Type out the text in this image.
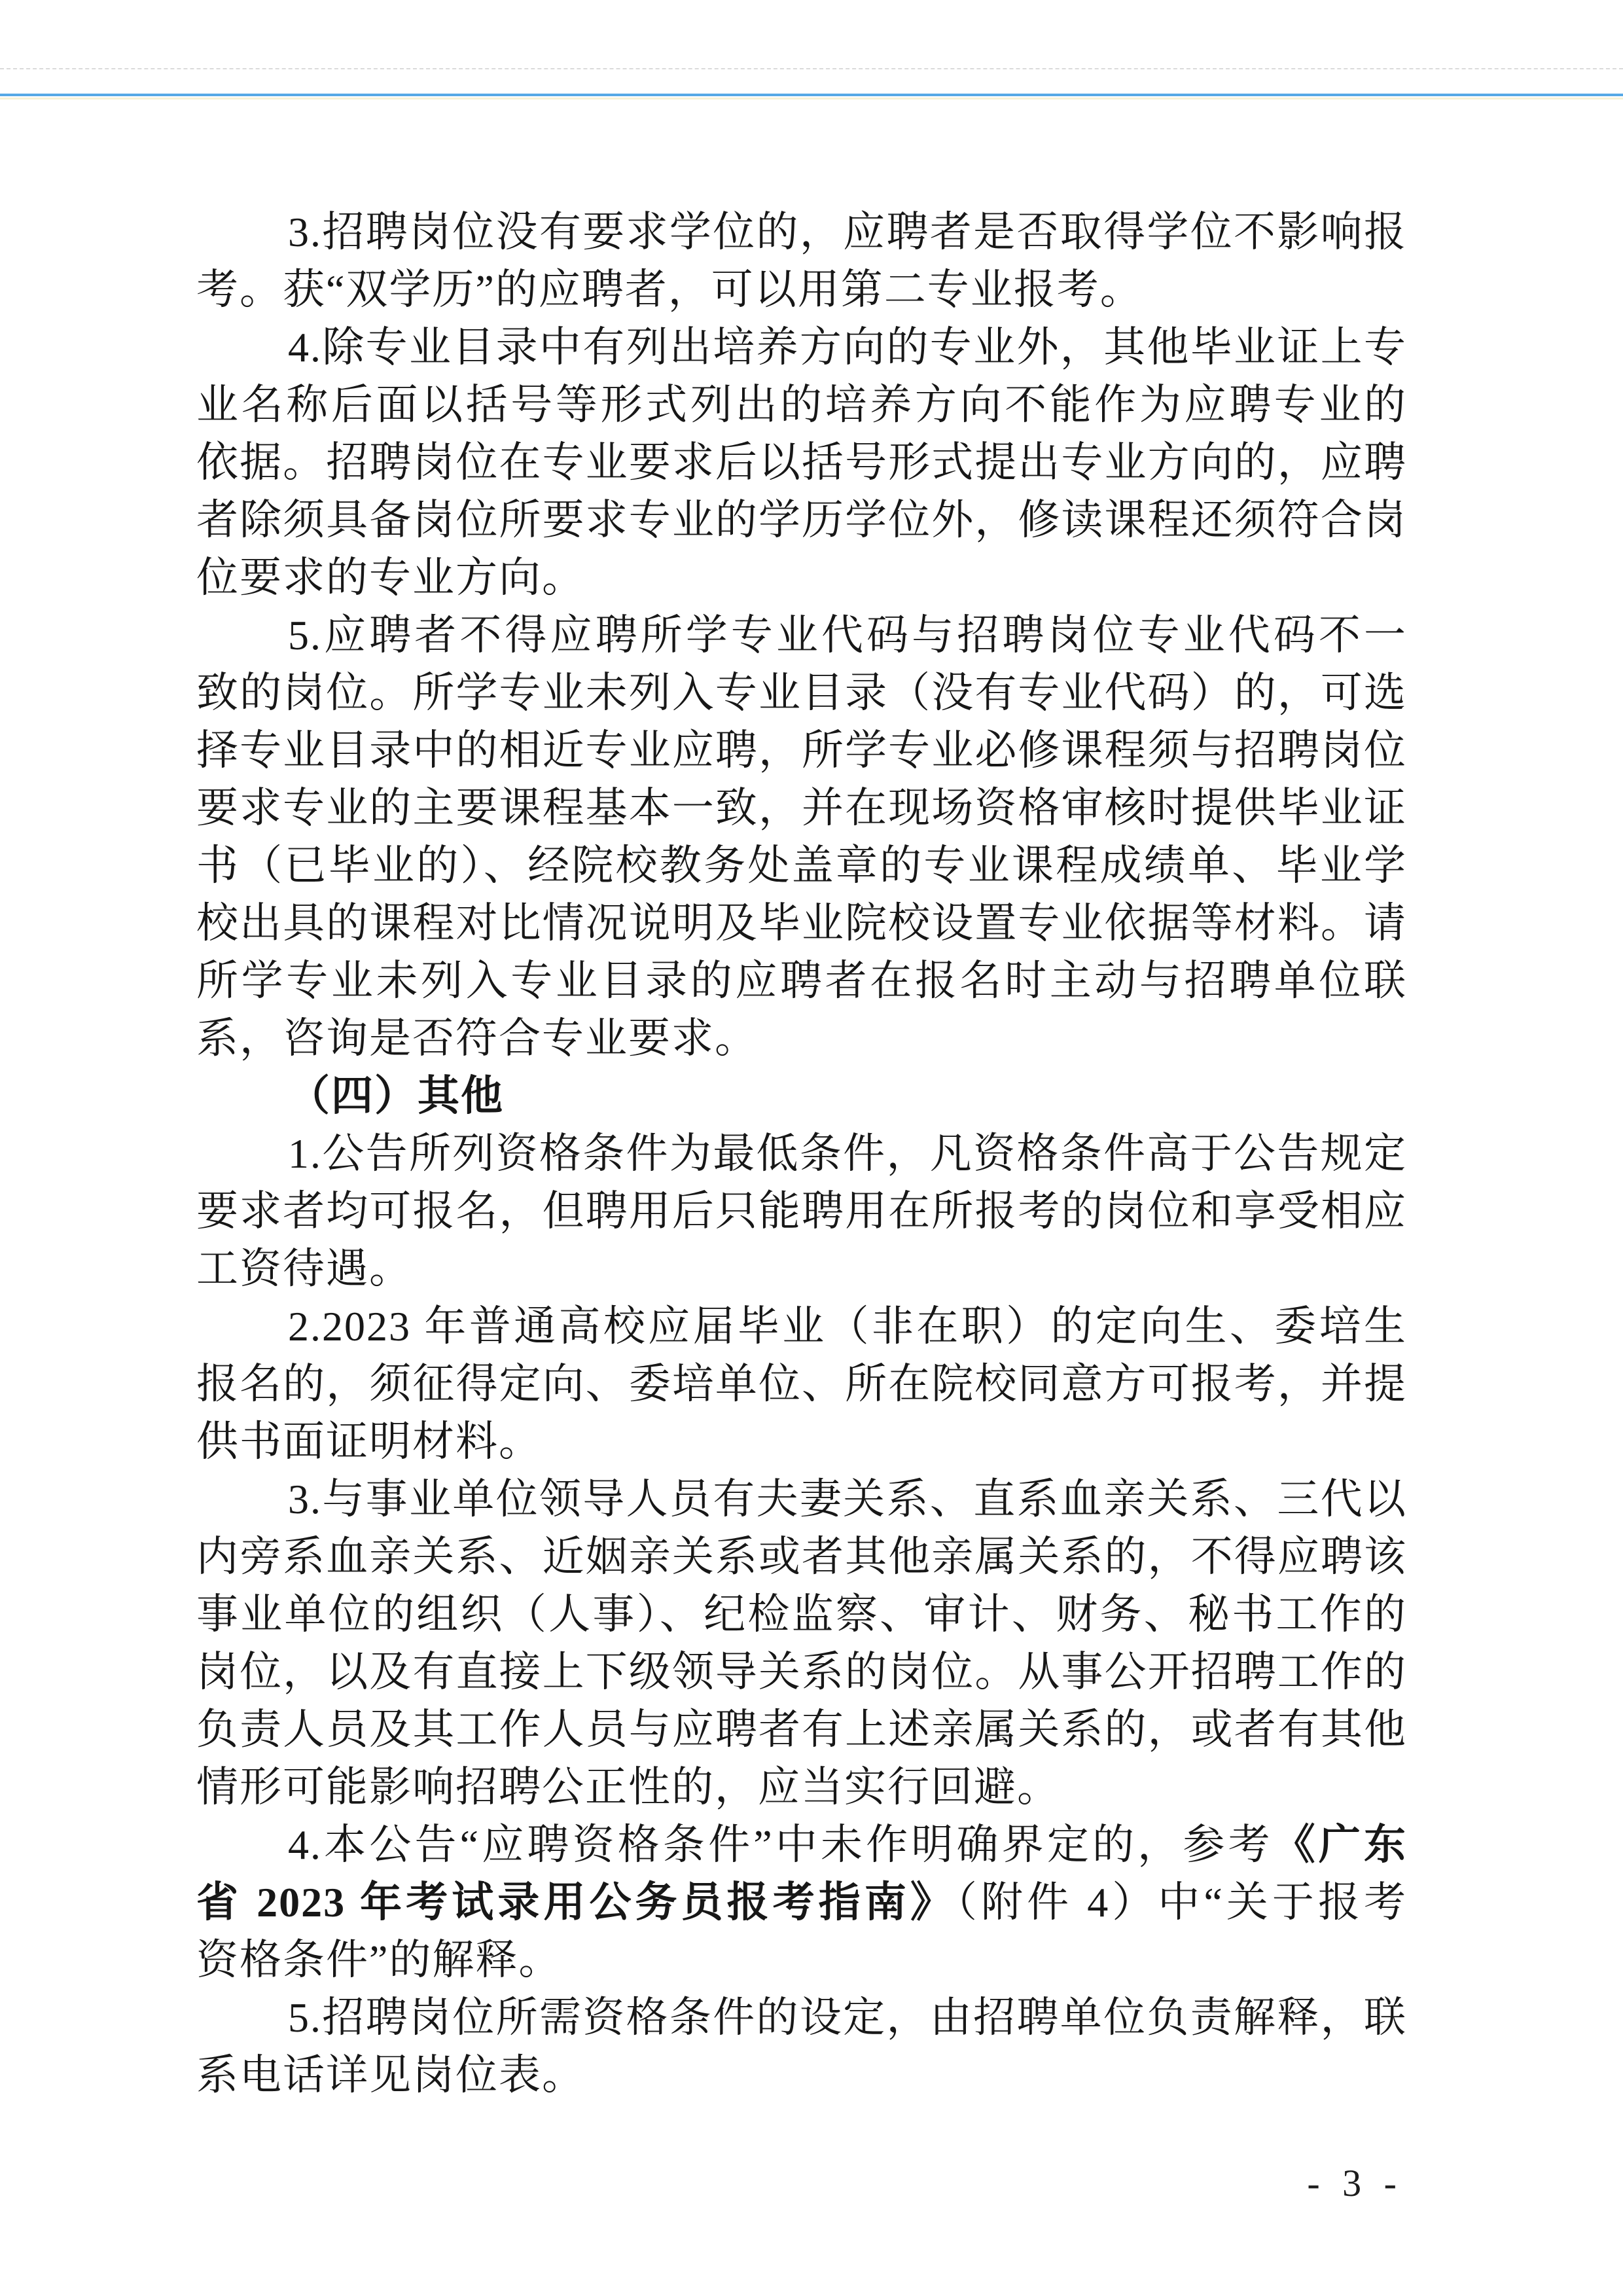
3.招聘岗位没有要求学位的，应聘者是否取得学位不影响报
考。获“双学历”的应聘者，可以用第二专业报考。
4.除专业目录中有列出培养方向的专业外，其他毕业证上专
业名称后面以括号等形式列出的培养方向不能作为应聘专业的
依据。招聘岗位在专业要求后以括号形式提出专业方向的，应聘
者除须具备岗位所要求专业的学历学位外，修读课程还须符合岗
位要求的专业方向。
5.应聘者不得应聘所学专业代码与招聘岗位专业代码不一
致的岗位。所学专业未列入专业目录（没有专业代码）的，可选
择专业目录中的相近专业应聘，所学专业必修课程须与招聘岗位
要求专业的主要课程基本一致，并在现场资格审核时提供毕业证
书（已毕业的）、经院校教务处盖章的专业课程成绩单、毕业学
校出具的课程对比情况说明及毕业院校设置专业依据等材料。请
所学专业未列入专业目录的应聘者在报名时主动与招聘单位联
系，咨询是否符合专业要求。
（四）其他
1.公告所列资格条件为最低条件，凡资格条件高于公告规定
要求者均可报名，但聘用后只能聘用在所报考的岗位和享受相应
工资待遇。
2.2023 年普通高校应届毕业（非在职）的定向生、委培生
报名的，须征得定向、委培单位、所在院校同意方可报考，并提
供书面证明材料。
3.与事业单位领导人员有夫妻关系、直系血亲关系、三代以
内旁系血亲关系、近姻亲关系或者其他亲属关系的，不得应聘该
事业单位的组织（人事）、纪检监察、审计、财务、秘书工作的
岗位，以及有直接上下级领导关系的岗位。从事公开招聘工作的
负责人员及其工作人员与应聘者有上述亲属关系的，或者有其他
情形可能影响招聘公正性的，应当实行回避。
4.本公告“应聘资格条件”中未作明确界定的，参考《广东
省 2023 年考试录用公务员报考指南》（附件 4）中“关于报考
资格条件”的解释。
5.招聘岗位所需资格条件的设定，由招聘单位负责解释，联
系电话详见岗位表。
- 3 -
